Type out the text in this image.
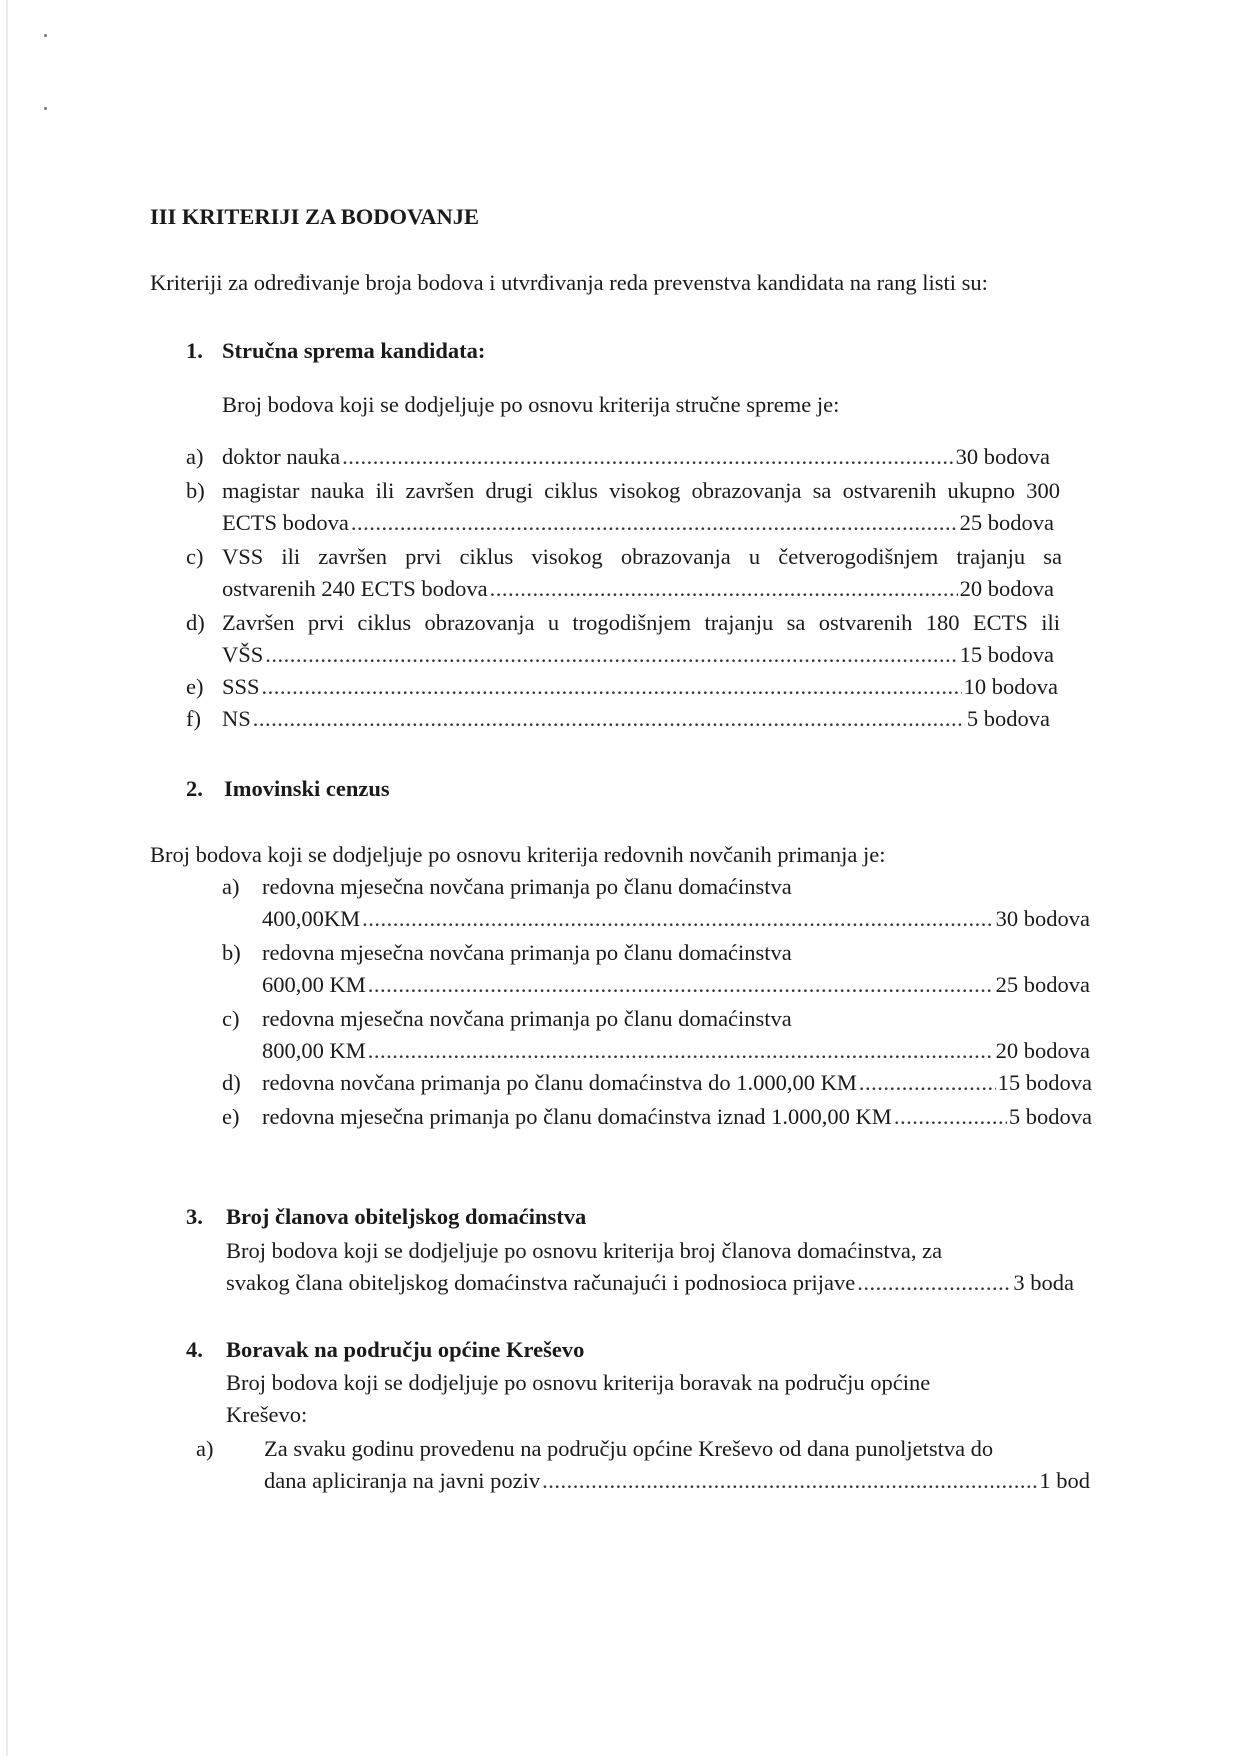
III KRITERIJI ZA BODOVANJE
Kriteriji za određivanje broja bodova i utvrđivanja reda prevenstva kandidata na rang listi su:
1. Stručna sprema kandidata:
Broj bodova koji se dodjeljuje po osnovu kriterija stručne spreme je:
a) doktor nauka .....	30 bodova
b) magistar nauka ili završen drugi ciklus visokog obrazovanja sa ostvarenih ukupno 300
ECTS bodova .....	25 bodova
c) VSS ili završen prvi ciklus visokog obrazovanja u četverogodišnjem trajanju sa
ostvarenih 240 ECTS bodova .....	20 bodova
d) Završen prvi ciklus obrazovanja u trogodišnjem trajanju sa ostvarenih 180 ECTS ili
VŠS .....	15 bodova
e) SSS .....	10 bodova
f) NS .....	5 bodova
2. Imovinski cenzus
Broj bodova koji se dodjeljuje po osnovu kriterija redovnih novčanih primanja je:
a) redovna mjesečna novčana primanja po članu domaćinstva
400,00KM .....	30 bodova
b) redovna mjesečna novčana primanja po članu domaćinstva
600,00 KM .....	25 bodova
c) redovna mjesečna novčana primanja po članu domaćinstva
800,00 KM .....	20 bodova
d) redovna novčana primanja po članu domaćinstva do 1.000,00 KM .....	15 bodova
e) redovna mjesečna primanja po članu domaćinstva iznad 1.000,00 KM .....	5 bodova
3. Broj članova obiteljskog domaćinstva
Broj bodova koji se dodjeljuje po osnovu kriterija broj članova domaćinstva, za
svakog člana obiteljskog domaćinstva računajući i podnosioca prijave .....	3 boda
4. Boravak na području općine Kreševo
Broj bodova koji se dodjeljuje po osnovu kriterija boravak na području općine
Kreševo:
a) Za svaku godinu provedenu na području općine Kreševo od dana punoljetstva do
dana apliciranja na javni poziv .....	1 bod
